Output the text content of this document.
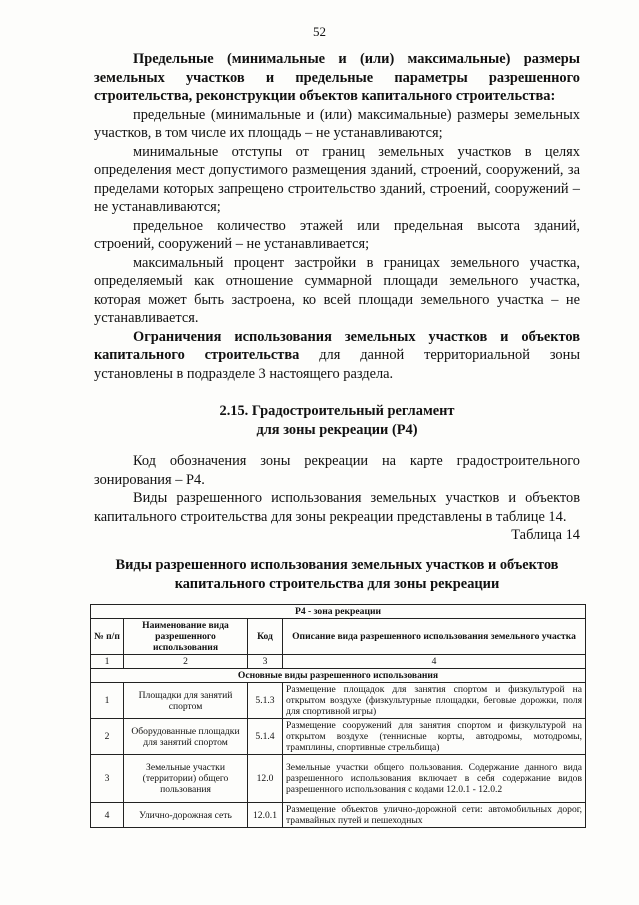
52

Предельные (минимальные и (или) максимальные) размеры земельных участков и предельные параметры разрешенного строительства, реконструкции объектов капитального строительства:

предельные (минимальные и (или) максимальные) размеры земельных участков, в том числе их площадь – не устанавливаются;

минимальные отступы от границ земельных участков в целях определения мест допустимого размещения зданий, строений, сооружений, за пределами которых запрещено строительство зданий, строений, сооружений – не устанавливаются;

предельное количество этажей или предельная высота зданий, строений, сооружений – не устанавливается;

максимальный процент застройки в границах земельного участка, определяемый как отношение суммарной площади земельного участка, которая может быть застроена, ко всей площади земельного участка – не устанавливается.

Ограничения использования земельных участков и объектов капитального строительства для данной территориальной зоны установлены в подразделе 3 настоящего раздела.

2.15. Градостроительный регламент
для зоны рекреации (Р4)

Код обозначения зоны рекреации на карте градостроительного зонирования – Р4.

Виды разрешенного использования земельных участков и объектов капитального строительства для зоны рекреации представлены в таблице 14.

Таблица 14

Виды разрешенного использования земельных участков и объектов капитального строительства для зоны рекреации
Р4 - зона рекреации			
№ п/п	Наименование вида разрешенного использования	Код	Описание вида разрешенного использования земельного участка
1	2	3	4
Основные виды разрешенного использования			
1	Площадки для занятий спортом	5.1.3	Размещение площадок для занятия спортом и физкультурой на открытом воздухе (физкультурные площадки, беговые дорожки, поля для спортивной игры)
2	Оборудованные площадки для занятий спортом	5.1.4	Размещение сооружений для занятия спортом и физкультурой на открытом воздухе (теннисные корты, автодромы, мотодромы, трамплины, спортивные стрельбища)
3	Земельные участки (территории) общего пользования	12.0	Земельные участки общего пользования. Содержание данного вида разрешенного использования включает в себя содержание видов разрешенного использования с кодами 12.0.1 - 12.0.2
4	Улично-дорожная сеть	12.0.1	Размещение объектов улично-дорожной сети: автомобильных дорог, трамвайных путей и пешеходных
